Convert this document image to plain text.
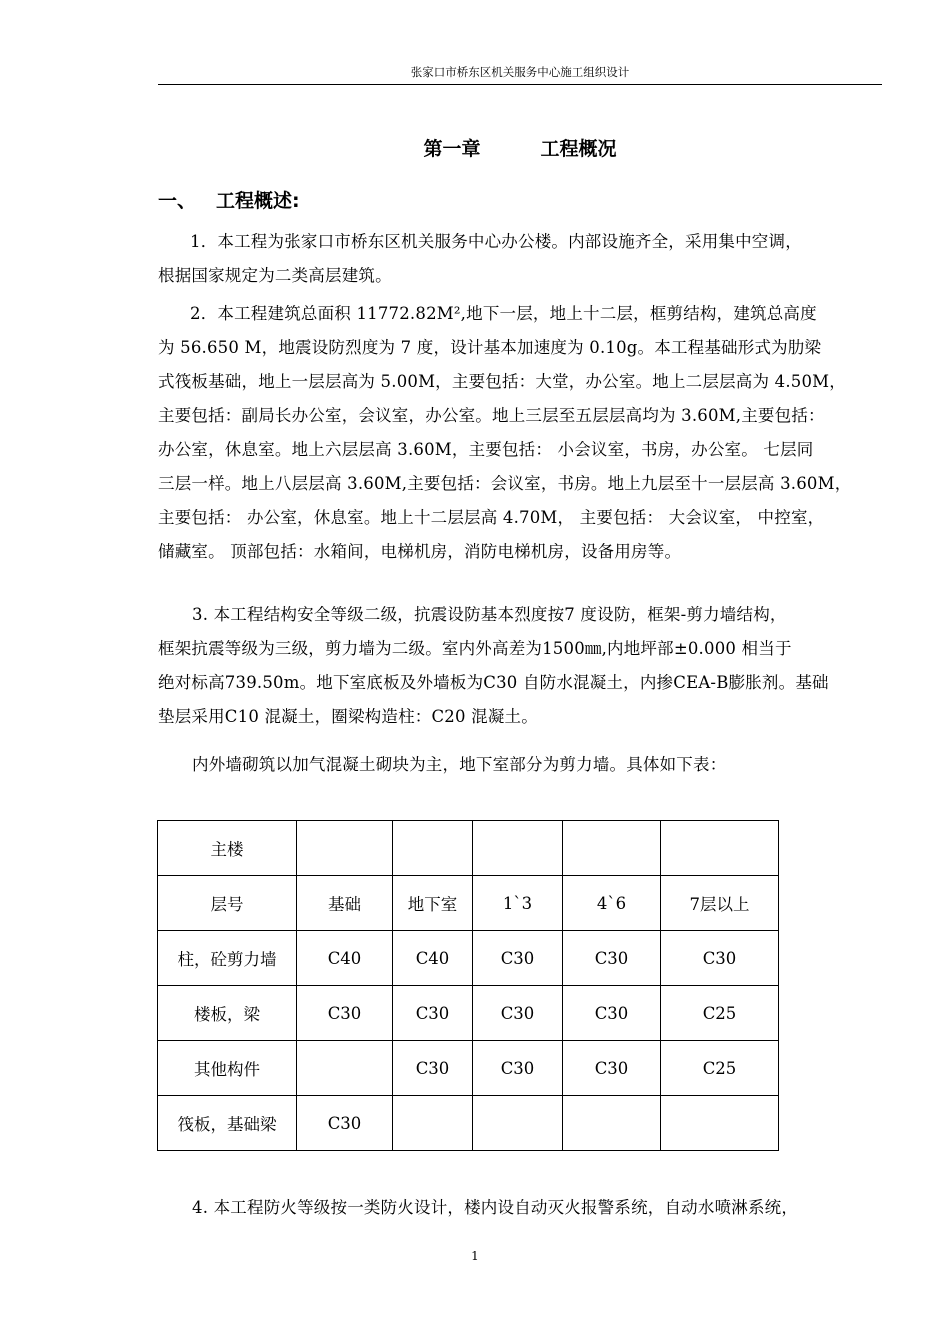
张家口市桥东区机关服务中心施工组织设计
第一章	工程概况
一、 工程概述:

1．本工程为张家口市桥东区机关服务中心办公楼。内部设施齐全，采用集中空调，
根据国家规定为二类高层建筑。

2．本工程建筑总面积 11772.82M²,地下一层，地上十二层，框剪结构，建筑总高度
为 56.650 M，地震设防烈度为 7 度，设计基本加速度为 0.10g。本工程基础形式为肋梁
式筏板基础，地上一层层高为 5.00M，主要包括：大堂，办公室。地上二层层高为 4.50M，
主要包括：副局长办公室，会议室，办公室。地上三层至五层层高均为 3.60M,主要包括：
办公室，休息室。地上六层层高 3.60M，主要包括： 小会议室，书房，办公室。 七层同
三层一样。地上八层层高 3.60M,主要包括：会议室，书房。地上九层至十一层层高 3.60M，
主要包括： 办公室，休息室。地上十二层层高 4.70M， 主要包括： 大会议室， 中控室，
储藏室。 顶部包括：水箱间，电梯机房，消防电梯机房，设备用房等。

3. 本工程结构安全等级二级，抗震设防基本烈度按7 度设防，框架-剪力墙结构，
框架抗震等级为三级，剪力墙为二级。室内外高差为1500㎜,内地坪部±0.000 相当于
绝对标高739.50m。地下室底板及外墙板为C30 自防水混凝土，内掺CEA-B膨胀剂。基础
垫层采用C10 混凝土，圈梁构造柱：C20 混凝土。

内外墙砌筑以加气混凝土砌块为主，地下室部分为剪力墙。具体如下表：

主楼					
层号	基础	地下室	1`3	4`6	7层以上
柱，砼剪力墙	C40	C40	C30	C30	C30
楼板，梁	C30	C30	C30	C30	C25
其他构件		C30	C30	C30	C25
筏板，基础梁	C30				

4. 本工程防火等级按一类防火设计，楼内设自动灭火报警系统，自动水喷淋系统，

1
